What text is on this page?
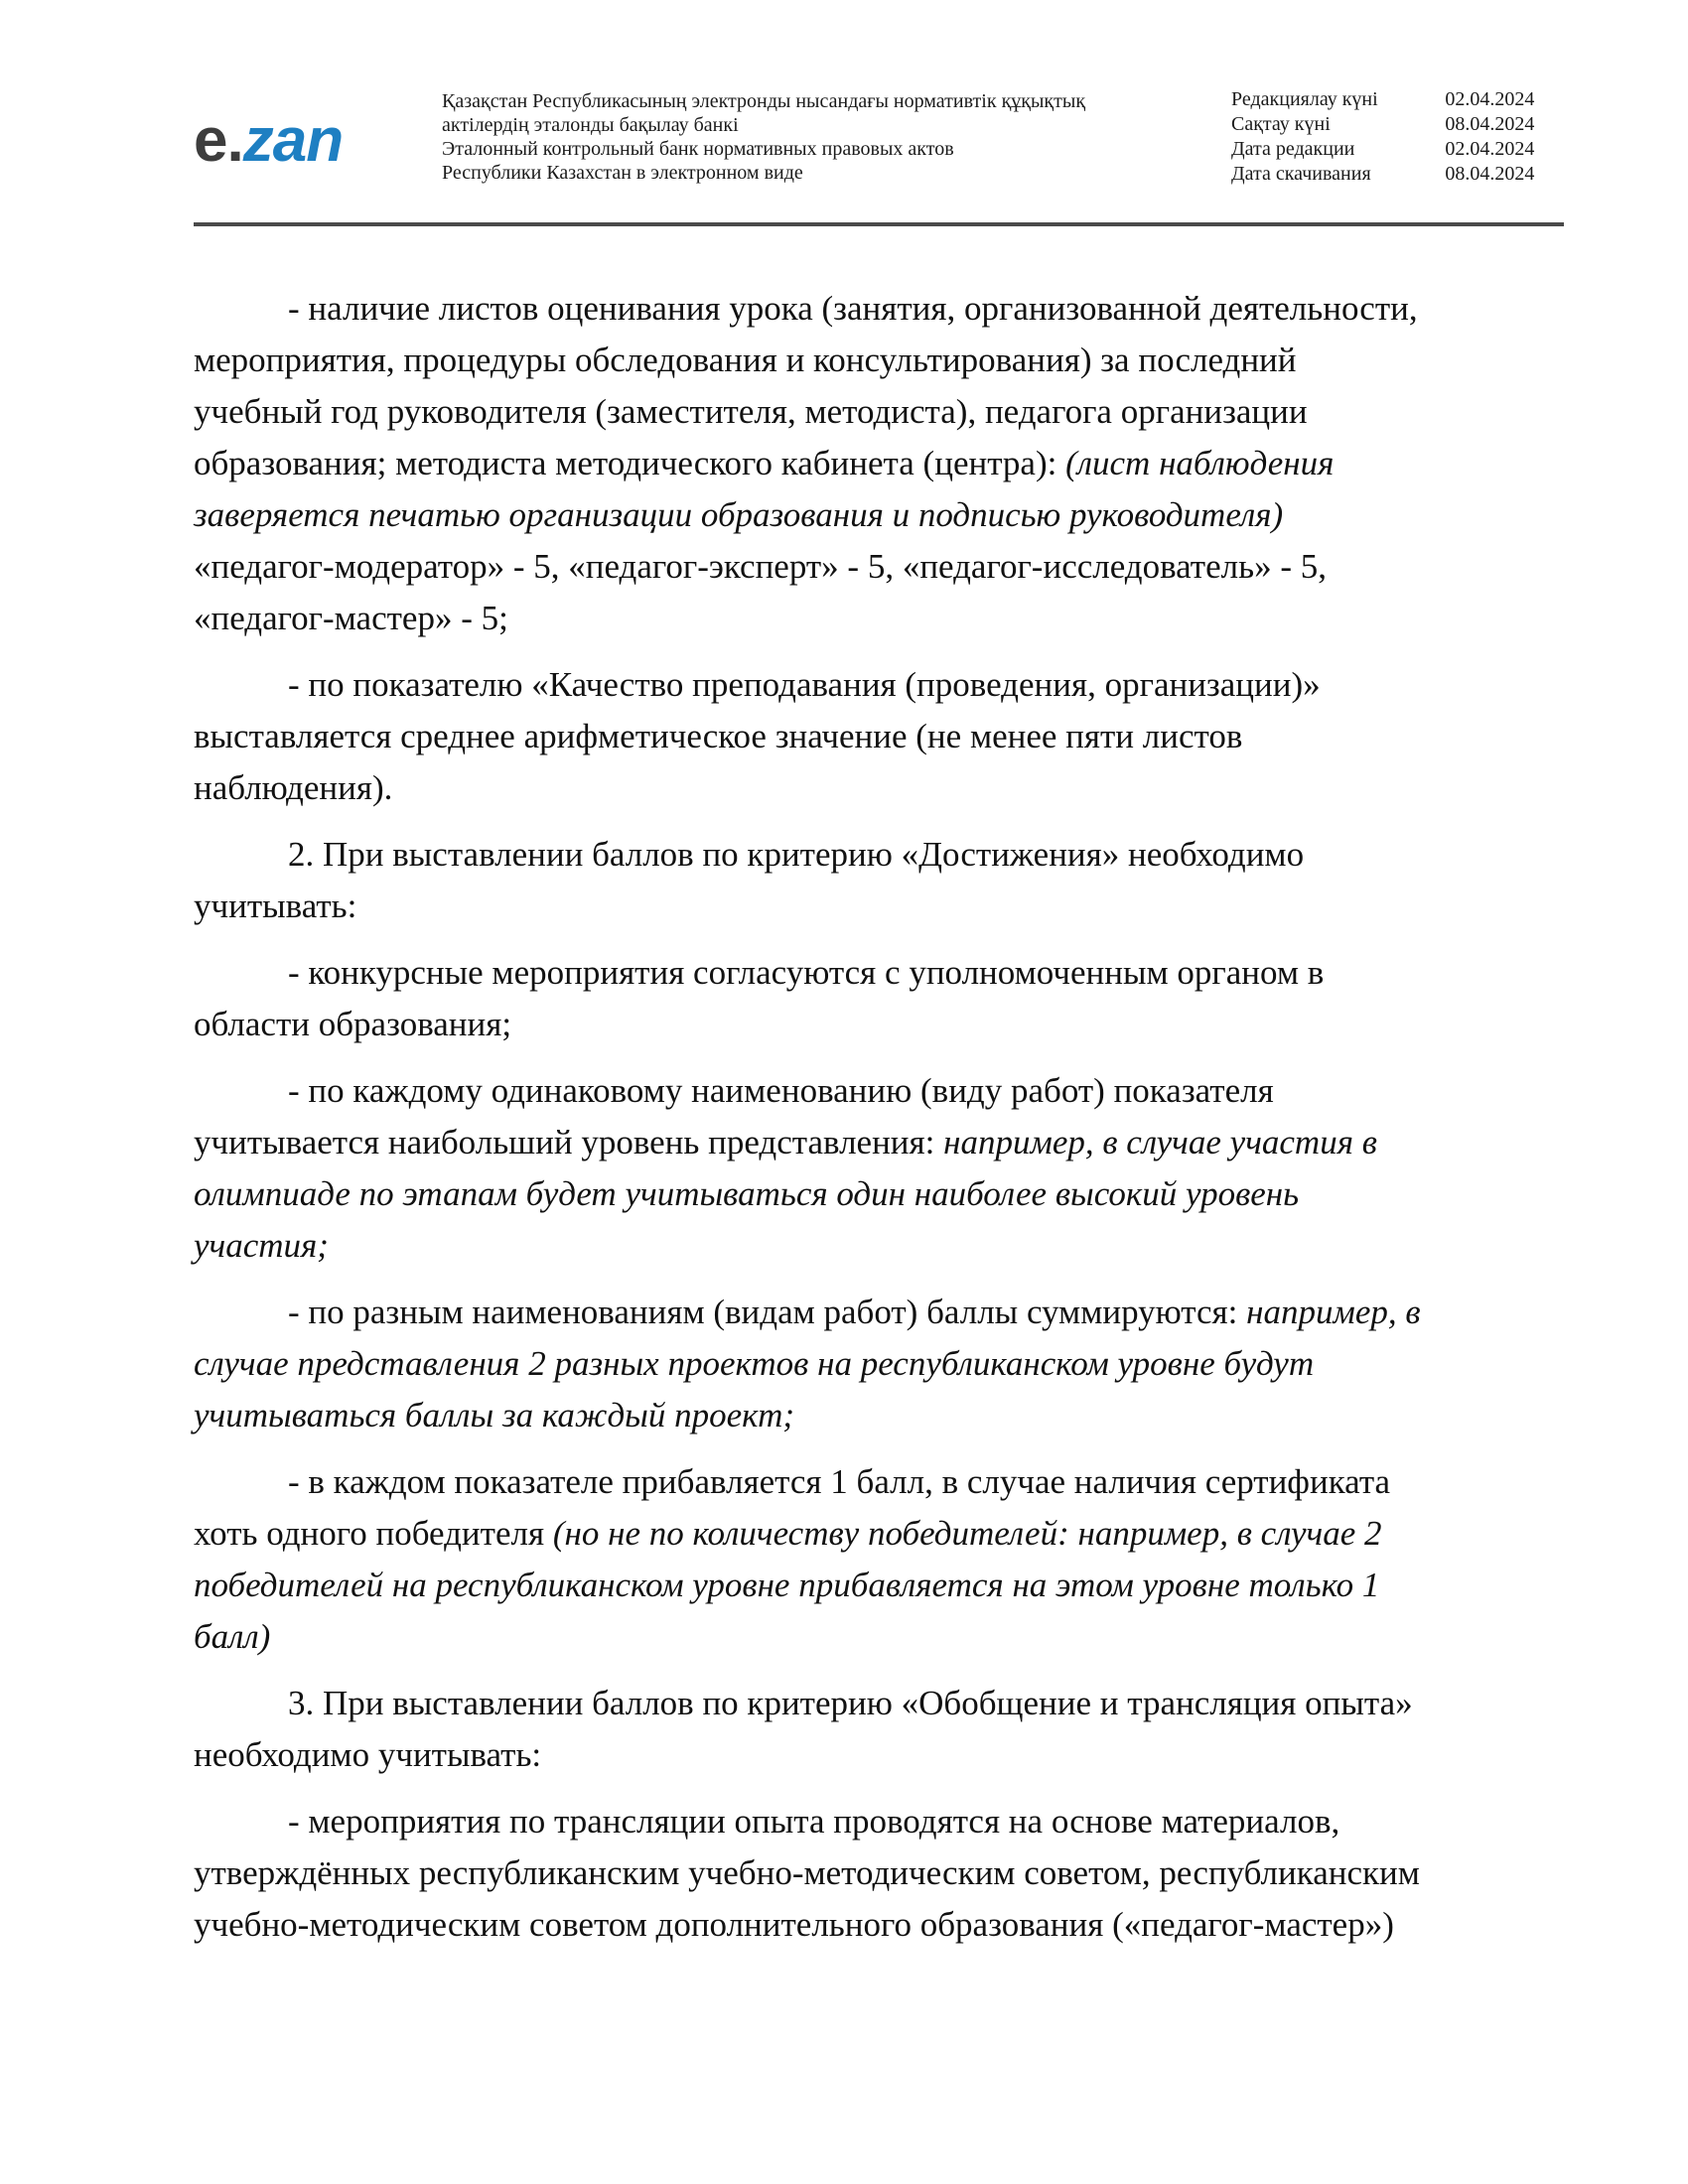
e.zan
Қазақстан Республикасының электронды нысандағы нормативтік құқықтық
актілердің эталонды бақылау банкі
Эталонный контрольный банк нормативных правовых актов
Республики Казахстан в электронном виде
Редакциялау күні	02.04.2024
Сақтау күні	08.04.2024
Дата редакции	02.04.2024
Дата скачивания	08.04.2024

- наличие листов оценивания урока (занятия, организованной деятельности,
мероприятия, процедуры обследования и консультирования) за последний
учебный год руководителя (заместителя, методиста), педагога организации
образования; методиста методического кабинета (центра): (лист наблюдения
заверяется печатью организации образования и подписью руководителя)
«педагог-модератор» - 5, «педагог-эксперт» - 5, «педагог-исследователь» - 5,
«педагог-мастер» - 5;

- по показателю «Качество преподавания (проведения, организации)»
выставляется среднее арифметическое значение (не менее пяти листов
наблюдения).

2. При выставлении баллов по критерию «Достижения» необходимо
учитывать:

- конкурсные мероприятия согласуются с уполномоченным органом в
области образования;

- по каждому одинаковому наименованию (виду работ) показателя
учитывается наибольший уровень представления: например, в случае участия в
олимпиаде по этапам будет учитываться один наиболее высокий уровень
участия;

- по разным наименованиям (видам работ) баллы суммируются: например, в
случае представления 2 разных проектов на республиканском уровне будут
учитываться баллы за каждый проект;

- в каждом показателе прибавляется 1 балл, в случае наличия сертификата
хоть одного победителя (но не по количеству победителей: например, в случае 2
победителей на республиканском уровне прибавляется на этом уровне только 1
балл)

3. При выставлении баллов по критерию «Обобщение и трансляция опыта»
необходимо учитывать:

- мероприятия по трансляции опыта проводятся на основе материалов,
утверждённых республиканским учебно-методическим советом, республиканским
учебно-методическим советом дополнительного образования («педагог-мастер»)
